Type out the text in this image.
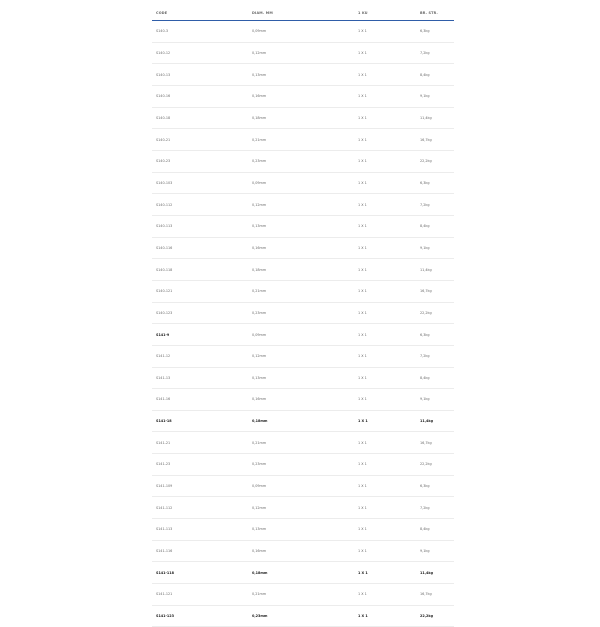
CODE	DIAM. MM	1 KU	BR. STR.
S140-3	0,09mm	1 X 1	6,3kg
S140-12	0,12mm	1 X 1	7,2kg
S140-13	0,13mm	1 X 1	8,4kg
S140-16	0,16mm	1 X 1	9,1kg
S140-18	0,18mm	1 X 1	11,4kg
S140-21	0,21mm	1 X 1	16,7kg
S140-23	0,23mm	1 X 1	22,2kg
S140-103	0,09mm	1 X 1	6,3kg
S140-112	0,12mm	1 X 1	7,2kg
S140-113	0,13mm	1 X 1	8,4kg
S140-116	0,16mm	1 X 1	9,1kg
S140-118	0,18mm	1 X 1	11,4kg
S140-121	0,21mm	1 X 1	16,7kg
S140-123	0,23mm	1 X 1	22,2kg
S141-9	0,09mm	1 X 1	6,3kg
S141-12	0,12mm	1 X 1	7,2kg
S141-13	0,13mm	1 X 1	8,4kg
S141-16	0,16mm	1 X 1	9,1kg
S141-18	0,18mm	1 X 1	11,4kg
S141-21	0,21mm	1 X 1	16,7kg
S141-23	0,23mm	1 X 1	22,2kg
S141-109	0,09mm	1 X 1	6,3kg
S141-112	0,12mm	1 X 1	7,2kg
S141-113	0,13mm	1 X 1	8,4kg
S141-116	0,16mm	1 X 1	9,1kg
S141-118	0,18mm	1 X 1	11,4kg
S141-121	0,21mm	1 X 1	16,7kg
S141-123	0,23mm	1 X 1	22,2kg
